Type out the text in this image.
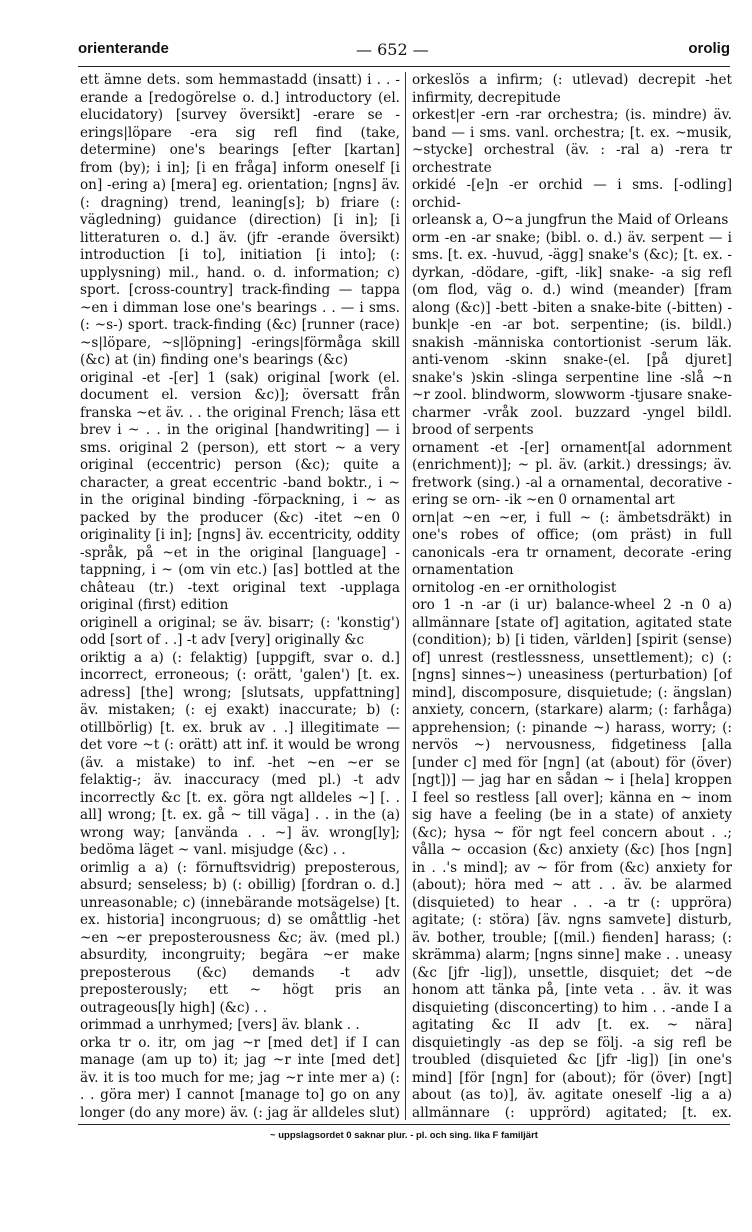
orienterande	— 652 —	orolig

ett ämne dets. som hemmastadd (insatt) i . . -erande a [redogörelse o. d.] introductory (el. elucidatory) [survey översikt] -erare se -erings|löpare -era sig refl find (take, determine) one's bearings [efter [kartan] from (by); i in]; [i en fråga] inform oneself [i on] -ering a) [mera] eg. orientation; [ngns] äv. (: dragning) trend, leaning[s]; b) friare (: vägledning) guidance (direction) [i in]; [i litteraturen o. d.] äv. (jfr -erande översikt) introduction [i to], initiation [i into]; (: upplysning) mil., hand. o. d. information; c) sport. [cross-country] track-finding — tappa ~en i dimman lose one's bearings . . — i sms. (: ~s-) sport. track-finding (&c) [runner (race) ~s|löpare, ~s|löpning] -erings|förmåga skill (&c) at (in) finding one's bearings (&c)

original -et -[er] 1 (sak) original [work (el. document el. version &c)]; översatt från franska ~et äv. . . the original French; läsa ett brev i ~ . . in the original [handwriting] — i sms. original 2 (person), ett stort ~ a very original (eccentric) person (&c); quite a character, a great eccentric -band boktr., i ~ in the original binding -förpackning, i ~ as packed by the producer (&c) -itet ~en 0 originality [i in]; [ngns] äv. eccentricity, oddity -språk, på ~et in the original [language] -tappning, i ~ (om vin etc.) [as] bottled at the château (tr.) -text original text -upplaga original (first) edition

originell a original; se äv. bisarr; (: 'konstig') odd [sort of . .] -t adv [very] originally &c

oriktig a a) (: felaktig) [uppgift, svar o. d.] incorrect, erroneous; (: orätt, 'galen') [t. ex. adress] [the] wrong; [slutsats, uppfattning] äv. mistaken; (: ej exakt) inaccurate; b) (: otillbörlig) [t. ex. bruk av . .] illegitimate — det vore ~t (: orätt) att inf. it would be wrong (äv. a mistake) to inf. -het ~en ~er se felaktig-; äv. inaccuracy (med pl.) -t adv incorrectly &c [t. ex. göra ngt alldeles ~] [. . all] wrong; [t. ex. gå ~ till väga] . . in the (a) wrong way; [använda . . ~] äv. wrong[ly]; bedöma läget ~ vanl. misjudge (&c) . .

orimlig a a) (: förnuftsvidrig) preposterous, absurd; senseless; b) (: obillig) [fordran o. d.] unreasonable; c) (innebärande motsägelse) [t. ex. historia] incongruous; d) se omåttlig -het ~en ~er preposterousness &c; äv. (med pl.) absurdity, incongruity; begära ~er make preposterous (&c) demands -t adv preposterously; ett ~ högt pris an outrageous[ly high] (&c) . .

orimmad a unrhymed; [vers] äv. blank . .

orka tr o. itr, om jag ~r [med det] if I can manage (am up to) it; jag ~r inte [med det] äv. it is too much for me; jag ~r inte mer a) (: . . göra mer) I cannot [manage to] go on any longer (do any more) äv. (: jag är alldeles slut)

orkeslös a infirm; (: utlevad) decrepit -het infirmity, decrepitude

orkest|er -ern -rar orchestra; (is. mindre) äv. band — i sms. vanl. orchestra; [t. ex. ~musik, ~stycke] orchestral (äv. : -ral a) -rera tr orchestrate

orkidé -[e]n -er orchid — i sms. [-odling] orchid-

orleansk a, O~a jungfrun the Maid of Orleans

orm -en -ar snake; (bibl. o. d.) äv. serpent — i sms. [t. ex. -huvud, -ägg] snake's (&c); [t. ex. -dyrkan, -dödare, -gift, -lik] snake- -a sig refl (om flod, väg o. d.) wind (meander) [fram along (&c)] -bett -biten a snake-bite (-bitten) -bunk|e -en -ar bot. serpentine; (is. bildl.) snakish -människa contortionist -serum läk. anti-venom -skinn snake-(el. [på djuret] snake's )skin -slinga serpentine line -slå ~n ~r zool. blindworm, slowworm -tjusare snake-charmer -vråk zool. buzzard -yngel bildl. brood of serpents

ornament -et -[er] ornament[al adornment (enrichment)]; ~ pl. äv. (arkit.) dressings; äv. fretwork (sing.) -al a ornamental, decorative -ering se orn- -ik ~en 0 ornamental art

orn|at ~en ~er, i full ~ (: ämbetsdräkt) in one's robes of office; (om präst) in full canonicals -era tr ornament, decorate -ering ornamentation

ornitolog -en -er ornithologist

oro 1 -n -ar (i ur) balance-wheel 2 -n 0 a) allmännare [state of] agitation, agitated state (condition); b) [i tiden, världen] [spirit (sense) of] unrest (restlessness, unsettlement); c) (: [ngns] sinnes~) uneasiness (perturbation) [of mind], discomposure, disquietude; (: ängslan) anxiety, concern, (starkare) alarm; (: farhåga) apprehension; (: pinande ~) harass, worry; (: nervös ~) nervousness, fidgetiness [alla [under c] med för [ngn] (at (about) för (över) [ngt])] — jag har en sådan ~ i [hela] kroppen I feel so restless [all over]; känna en ~ inom sig have a feeling (be in a state) of anxiety (&c); hysa ~ för ngt feel concern about . .; vålla ~ occasion (&c) anxiety (&c) [hos [ngn] in . .'s mind]; av ~ för from (&c) anxiety for (about); höra med ~ att . . äv. be alarmed (disquieted) to hear . . -a tr (: uppröra) agitate; (: störa) [äv. ngns samvete] disturb, äv. bother, trouble; [(mil.) fienden] harass; (: skrämma) alarm; [ngns sinne] make . . uneasy (&c [jfr -lig]), unsettle, disquiet; det ~de honom att tänka på, [inte veta . . äv. it was disquieting (disconcerting) to him . . -ande I a agitating &c II adv [t. ex. ~ nära] disquietingly -as dep se följ. -a sig refl be troubled (disquieted &c [jfr -lig]) [in one's mind] [för [ngn] for (about); för (över) [ngt] about (as to)], äv. agitate oneself -lig a a) allmännare (: upprörd) agitated; [t. ex.

~ uppslagsordet 0 saknar plur. - pl. och sing. lika F familjärt
